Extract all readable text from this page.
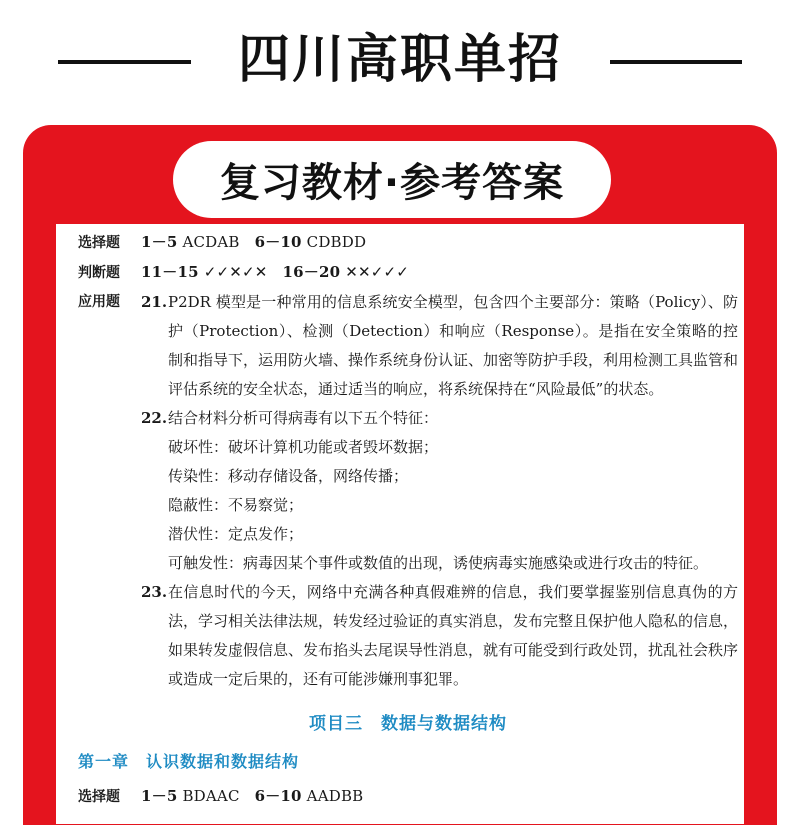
四川高职单招
复习教材·参考答案
选择题	1－5 ACDAB 6－10 CDBDD
判断题	11－15 ✓✓✕✓✕ 16－20 ✕✕✓✓✓
应用题	21. P2DR 模型是一种常用的信息系统安全模型，包含四个主要部分：策略（Policy）、防护（Protection）、检测（Detection）和响应（Response）。是指在安全策略的控制和指导下，运用防火墙、操作系统身份认证、加密等防护手段，利用检测工具监管和评估系统的安全状态，通过适当的响应，将系统保持在“风险最低”的状态。
22. 结合材料分析可得病毒有以下五个特征：

破坏性：破坏计算机功能或者毁坏数据；

传染性：移动存储设备，网络传播；

隐蔽性：不易察觉；

潜伏性：定点发作；

可触发性：病毒因某个事件或数值的出现，诱使病毒实施感染或进行攻击的特征。

23. 在信息时代的今天，网络中充满各种真假难辨的信息，我们要掌握鉴别信息真伪的方法，学习相关法律法规，转发经过验证的真实消息，发布完整且保护他人隐私的信息，如果转发虚假信息、发布掐头去尾误导性消息，就有可能受到行政处罚，扰乱社会秩序或造成一定后果的，还有可能涉嫌刑事犯罪。
项目三　数据与数据结构
第一章　认识数据和数据结构
选择题	1－5 BDAAC 6－10 AADBB
